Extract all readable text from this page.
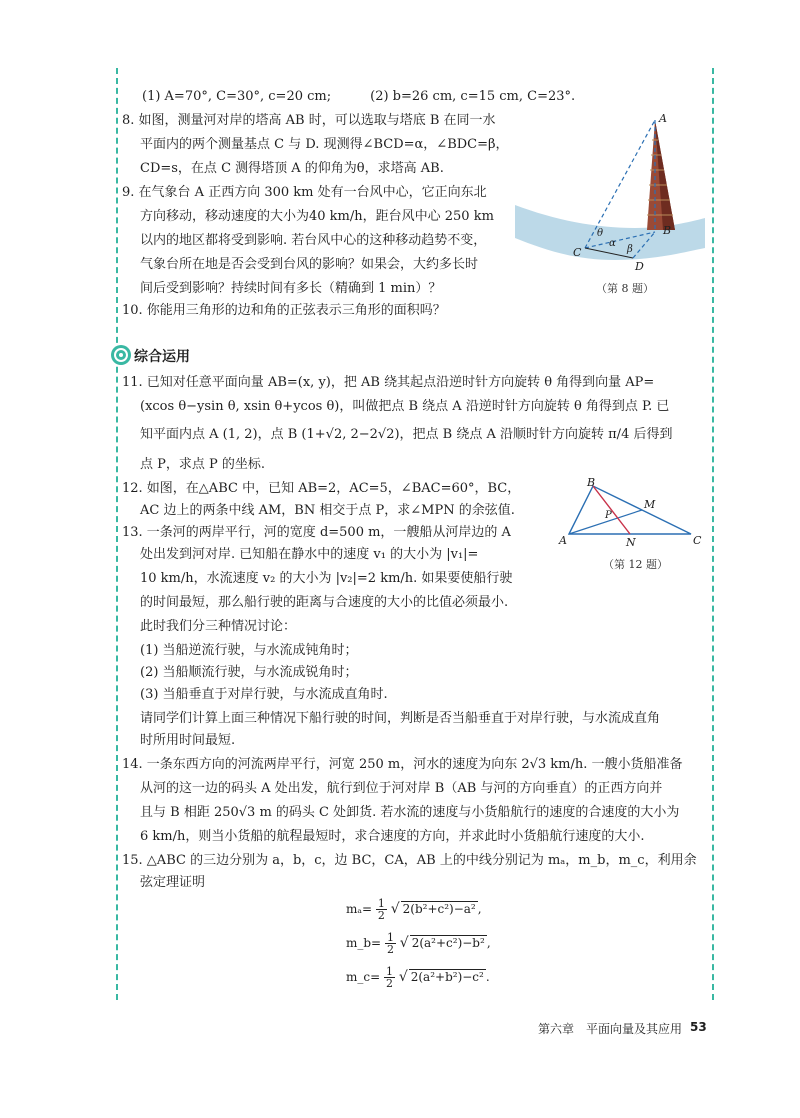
(1) A=70°, C=30°, c=20 cm;　　　(2) b=26 cm, c=15 cm, C=23°.
8. 如图，测量河对岸的塔高 AB 时，可以选取与塔底 B 在同一水
平面内的两个测量基点 C 与 D. 现测得∠BCD=α，∠BDC=β，
CD=s，在点 C 测得塔顶 A 的仰角为θ，求塔高 AB.
9. 在气象台 A 正西方向 300 km 处有一台风中心，它正向东北
方向移动，移动速度的大小为40 km/h，距台风中心 250 km
以内的地区都将受到影响. 若台风中心的这种移动趋势不变，
气象台所在地是否会受到台风的影响？如果会，大约多长时
间后受到影响？持续时间有多长（精确到 1 min）？
10. 你能用三角形的边和角的正弦表示三角形的面积吗？
A
B
C
D
θ
α
β
（第 8 题）
综合运用
11. 已知对任意平面向量 AB=(x, y)，把 AB 绕其起点沿逆时针方向旋转 θ 角得到向量 AP=
(xcos θ−ysin θ, xsin θ+ycos θ)，叫做把点 B 绕点 A 沿逆时针方向旋转 θ 角得到点 P. 已
知平面内点 A (1, 2)，点 B (1+√2, 2−2√2)，把点 B 绕点 A 沿顺时针方向旋转 π/4 后得到
点 P，求点 P 的坐标.
12. 如图，在△ABC 中，已知 AB=2，AC=5，∠BAC=60°，BC，
AC 边上的两条中线 AM，BN 相交于点 P，求∠MPN 的余弦值.
B
A	C
M
N
P
（第 12 题）
13. 一条河的两岸平行，河的宽度 d=500 m，一艘船从河岸边的 A
处出发到河对岸. 已知船在静水中的速度 v₁ 的大小为 |v₁|=
10 km/h，水流速度 v₂ 的大小为 |v₂|=2 km/h. 如果要使船行驶
的时间最短，那么船行驶的距离与合速度的大小的比值必须最小.
此时我们分三种情况讨论：
(1) 当船逆流行驶，与水流成钝角时；
(2) 当船顺流行驶，与水流成锐角时；
(3) 当船垂直于对岸行驶，与水流成直角时.
请同学们计算上面三种情况下船行驶的时间，判断是否当船垂直于对岸行驶，与水流成直角
时所用时间最短.
14. 一条东西方向的河流两岸平行，河宽 250 m，河水的速度为向东 2√3 km/h. 一艘小货船准备
从河的这一边的码头 A 处出发，航行到位于河对岸 B（AB 与河的方向垂直）的正西方向并
且与 B 相距 250√3 m 的码头 C 处卸货. 若水流的速度与小货船航行的速度的合速度的大小为
6 km/h，则当小货船的航程最短时，求合速度的方向，并求此时小货船航行速度的大小.
15. △ABC 的三边分别为 a，b，c，边 BC，CA，AB 上的中线分别记为 mₐ，m_b，m_c，利用余
弦定理证明
$m_a= \frac{1}{2}$ √ 2(b²+c²)−a² ,
m_b= $\frac{1}{2}$ √ 2(a²+c²)−b² ,
m_c= $\frac{1}{2}$ √ 2(a²+b²)−c² .
第六章　平面向量及其应用 53
